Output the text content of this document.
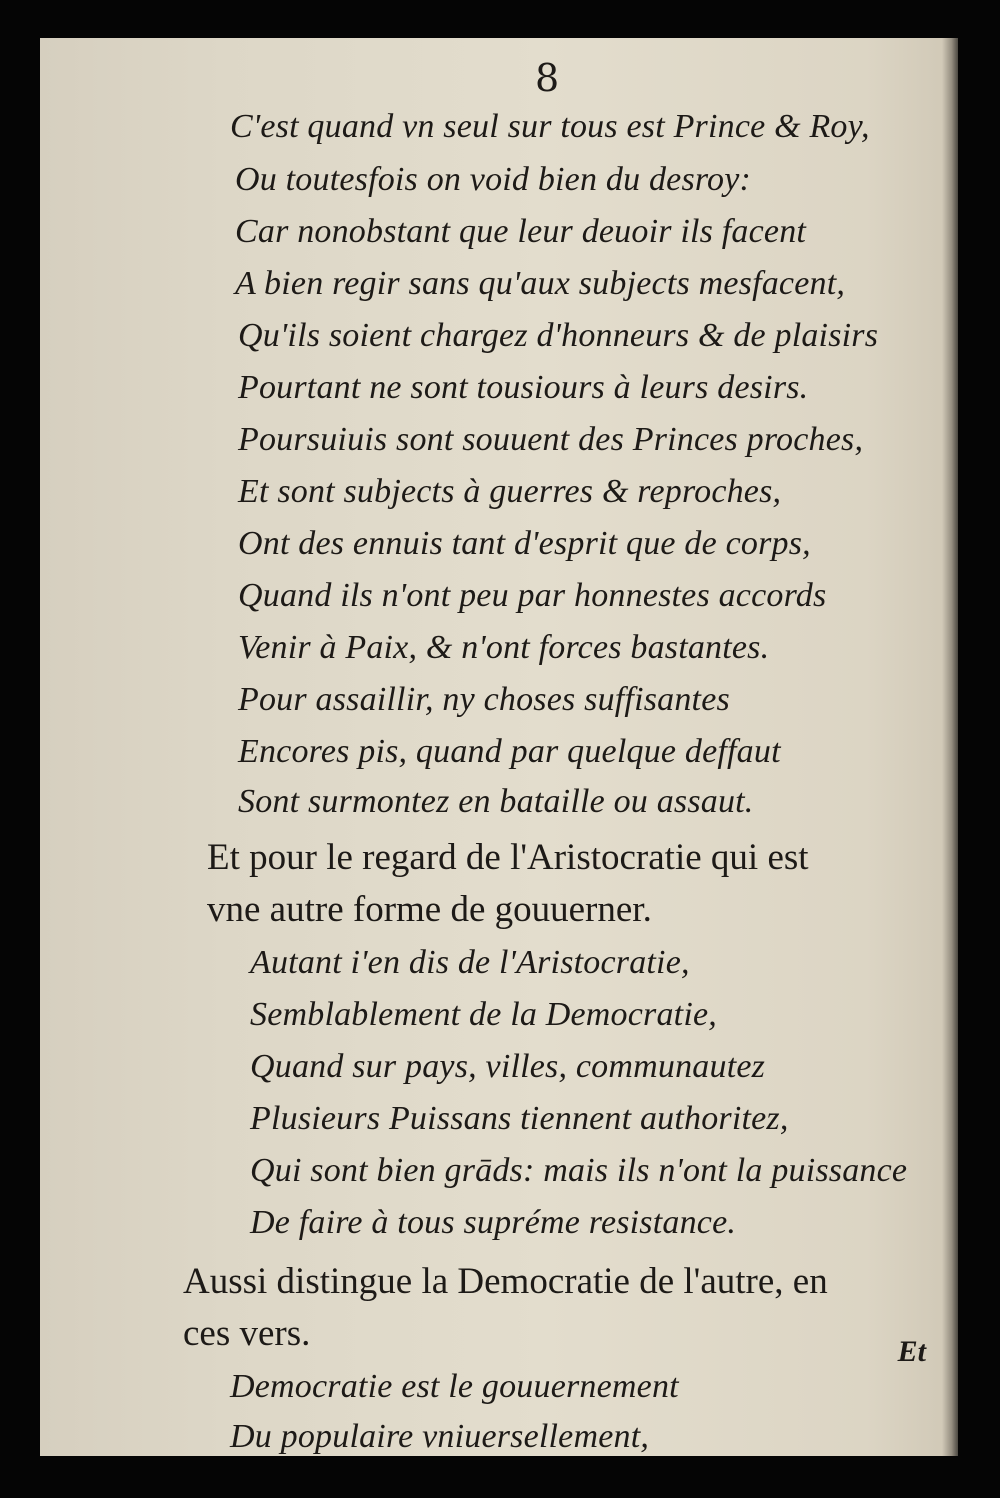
8
C'est quand vn seul sur tous est Prince & Roy,
Ou toutesfois on void bien du desroy:
Car nonobstant que leur deuoir ils facent
A bien regir sans qu'aux subjects mesfacent,
Qu'ils soient chargez d'honneurs & de plaisirs
Pourtant ne sont tousiours à leurs desirs.
Poursuiuis sont souuent des Princes proches,
Et sont subjects à guerres & reproches,
Ont des ennuis tant d'esprit que de corps,
Quand ils n'ont peu par honnestes accords
Venir à Paix, & n'ont forces bastantes.
Pour assaillir, ny choses suffisantes
Encores pis, quand par quelque deffaut
Sont surmontez en bataille ou assaut.
Et pour le regard de l'Aristocratie qui est
vne autre forme de gouuerner.
Autant i'en dis de l'Aristocratie,
Semblablement de la Democratie,
Quand sur pays, villes, communautez
Plusieurs Puissans tiennent authoritez,
Qui sont bien grāds: mais ils n'ont la puissance
De faire à tous supréme resistance.
Aussi distingue la Democratie de l'autre, en
ces vers.
Democratie est le gouuernement
Du populaire vniuersellement,
Et
